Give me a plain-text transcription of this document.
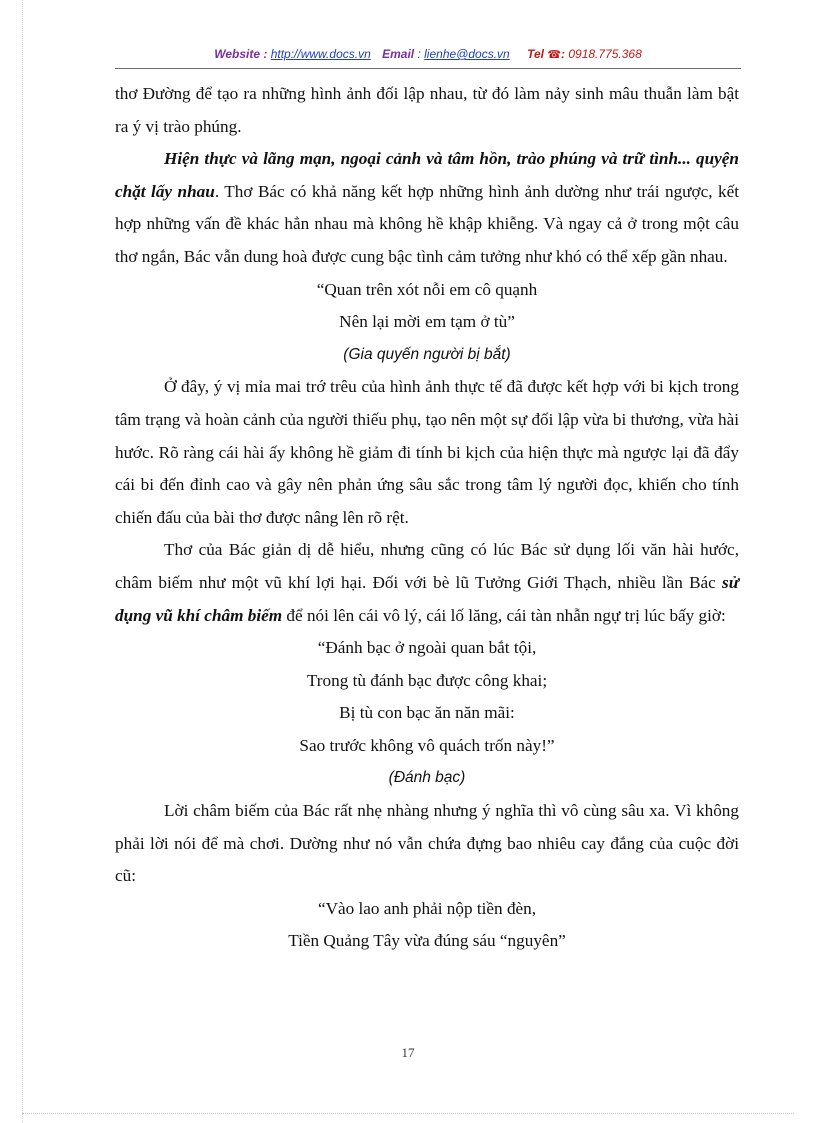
Website : http://www.docs.vn Email : lienhe@docs.vn Tel ☎: 0918.775.368

thơ Đường để tạo ra những hình ảnh đối lập nhau, từ đó làm nảy sinh mâu thuẫn làm bật ra ý vị trào phúng.

Hiện thực và lãng mạn, ngoại cảnh và tâm hồn, trào phúng và trữ tình... quyện chặt lấy nhau. Thơ Bác có khả năng kết hợp những hình ảnh dường như trái ngược, kết hợp những vấn đề khác hẳn nhau mà không hề khập khiễng. Và ngay cả ở trong một câu thơ ngắn, Bác vẫn dung hoà được cung bậc tình cảm tưởng như khó có thể xếp gần nhau.

“Quan trên xót nỗi em cô quạnh

Nên lại mời em tạm ở tù”

(Gia quyến người bị bắt)

Ở đây, ý vị mỉa mai trớ trêu của hình ảnh thực tế đã được kết hợp với bi kịch trong tâm trạng và hoàn cảnh của người thiếu phụ, tạo nên một sự đối lập vừa bi thương, vừa hài hước. Rõ ràng cái hài ấy không hề giảm đi tính bi kịch của hiện thực mà ngược lại đã đẩy cái bi đến đỉnh cao và gây nên phản ứng sâu sắc trong tâm lý người đọc, khiến cho tính chiến đấu của bài thơ được nâng lên rõ rệt.

Thơ của Bác giản dị dễ hiểu, nhưng cũng có lúc Bác sử dụng lối văn hài hước, châm biếm như một vũ khí lợi hại. Đối với bè lũ Tưởng Giới Thạch, nhiều lần Bác sử dụng vũ khí châm biếm để nói lên cái vô lý, cái lố lăng, cái tàn nhẫn ngự trị lúc bấy giờ:

“Đánh bạc ở ngoài quan bắt tội,

Trong tù đánh bạc được công khai;

Bị tù con bạc ăn năn mãi:

Sao trước không vô quách trốn này!”

(Đánh bạc)

Lời châm biếm của Bác rất nhẹ nhàng nhưng ý nghĩa thì vô cùng sâu xa. Vì không phải lời nói để mà chơi. Dường như nó vẫn chứa đựng bao nhiêu cay đắng của cuộc đời cũ:

“Vào lao anh phải nộp tiền đèn,

Tiền Quảng Tây vừa đúng sáu “nguyên”

17
